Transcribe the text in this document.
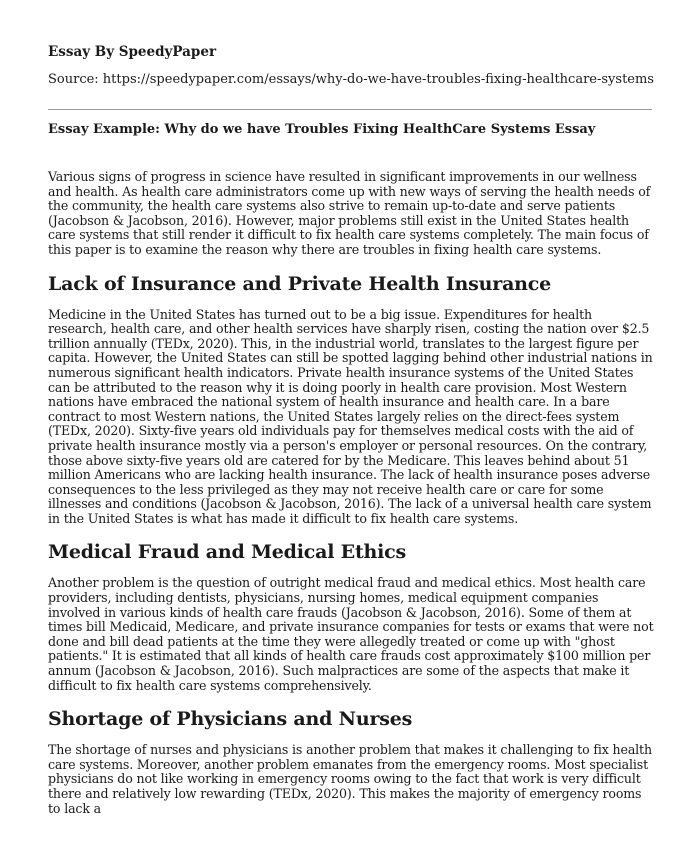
Essay By SpeedyPaper

Source: https://speedypaper.com/essays/why-do-we-have-troubles-fixing-healthcare-systems

Essay Example: Why do we have Troubles Fixing HealthCare Systems Essay

Various signs of progress in science have resulted in significant improvements in our wellness and health. As health care administrators come up with new ways of serving the health needs of the community, the health care systems also strive to remain up-to-date and serve patients (Jacobson & Jacobson, 2016). However, major problems still exist in the United States health care systems that still render it difficult to fix health care systems completely. The main focus of this paper is to examine the reason why there are troubles in fixing health care systems.

Lack of Insurance and Private Health Insurance

Medicine in the United States has turned out to be a big issue. Expenditures for health research, health care, and other health services have sharply risen, costing the nation over $2.5 trillion annually (TEDx, 2020). This, in the industrial world, translates to the largest figure per capita. However, the United States can still be spotted lagging behind other industrial nations in numerous significant health indicators. Private health insurance systems of the United States can be attributed to the reason why it is doing poorly in health care provision. Most Western nations have embraced the national system of health insurance and health care. In a bare contract to most Western nations, the United States largely relies on the direct-fees system (TEDx, 2020). Sixty-five years old individuals pay for themselves medical costs with the aid of private health insurance mostly via a person's employer or personal resources. On the contrary, those above sixty-five years old are catered for by the Medicare. This leaves behind about 51 million Americans who are lacking health insurance. The lack of health insurance poses adverse consequences to the less privileged as they may not receive health care or care for some illnesses and conditions (Jacobson & Jacobson, 2016). The lack of a universal health care system in the United States is what has made it difficult to fix health care systems.

Medical Fraud and Medical Ethics

Another problem is the question of outright medical fraud and medical ethics. Most health care providers, including dentists, physicians, nursing homes, medical equipment companies involved in various kinds of health care frauds (Jacobson & Jacobson, 2016). Some of them at times bill Medicaid, Medicare, and private insurance companies for tests or exams that were not done and bill dead patients at the time they were allegedly treated or come up with "ghost patients." It is estimated that all kinds of health care frauds cost approximately $100 million per annum (Jacobson & Jacobson, 2016). Such malpractices are some of the aspects that make it difficult to fix health care systems comprehensively.

Shortage of Physicians and Nurses

The shortage of nurses and physicians is another problem that makes it challenging to fix health care systems. Moreover, another problem emanates from the emergency rooms. Most specialist physicians do not like working in emergency rooms owing to the fact that work is very difficult there and relatively low rewarding (TEDx, 2020). This makes the majority of emergency rooms to lack a
